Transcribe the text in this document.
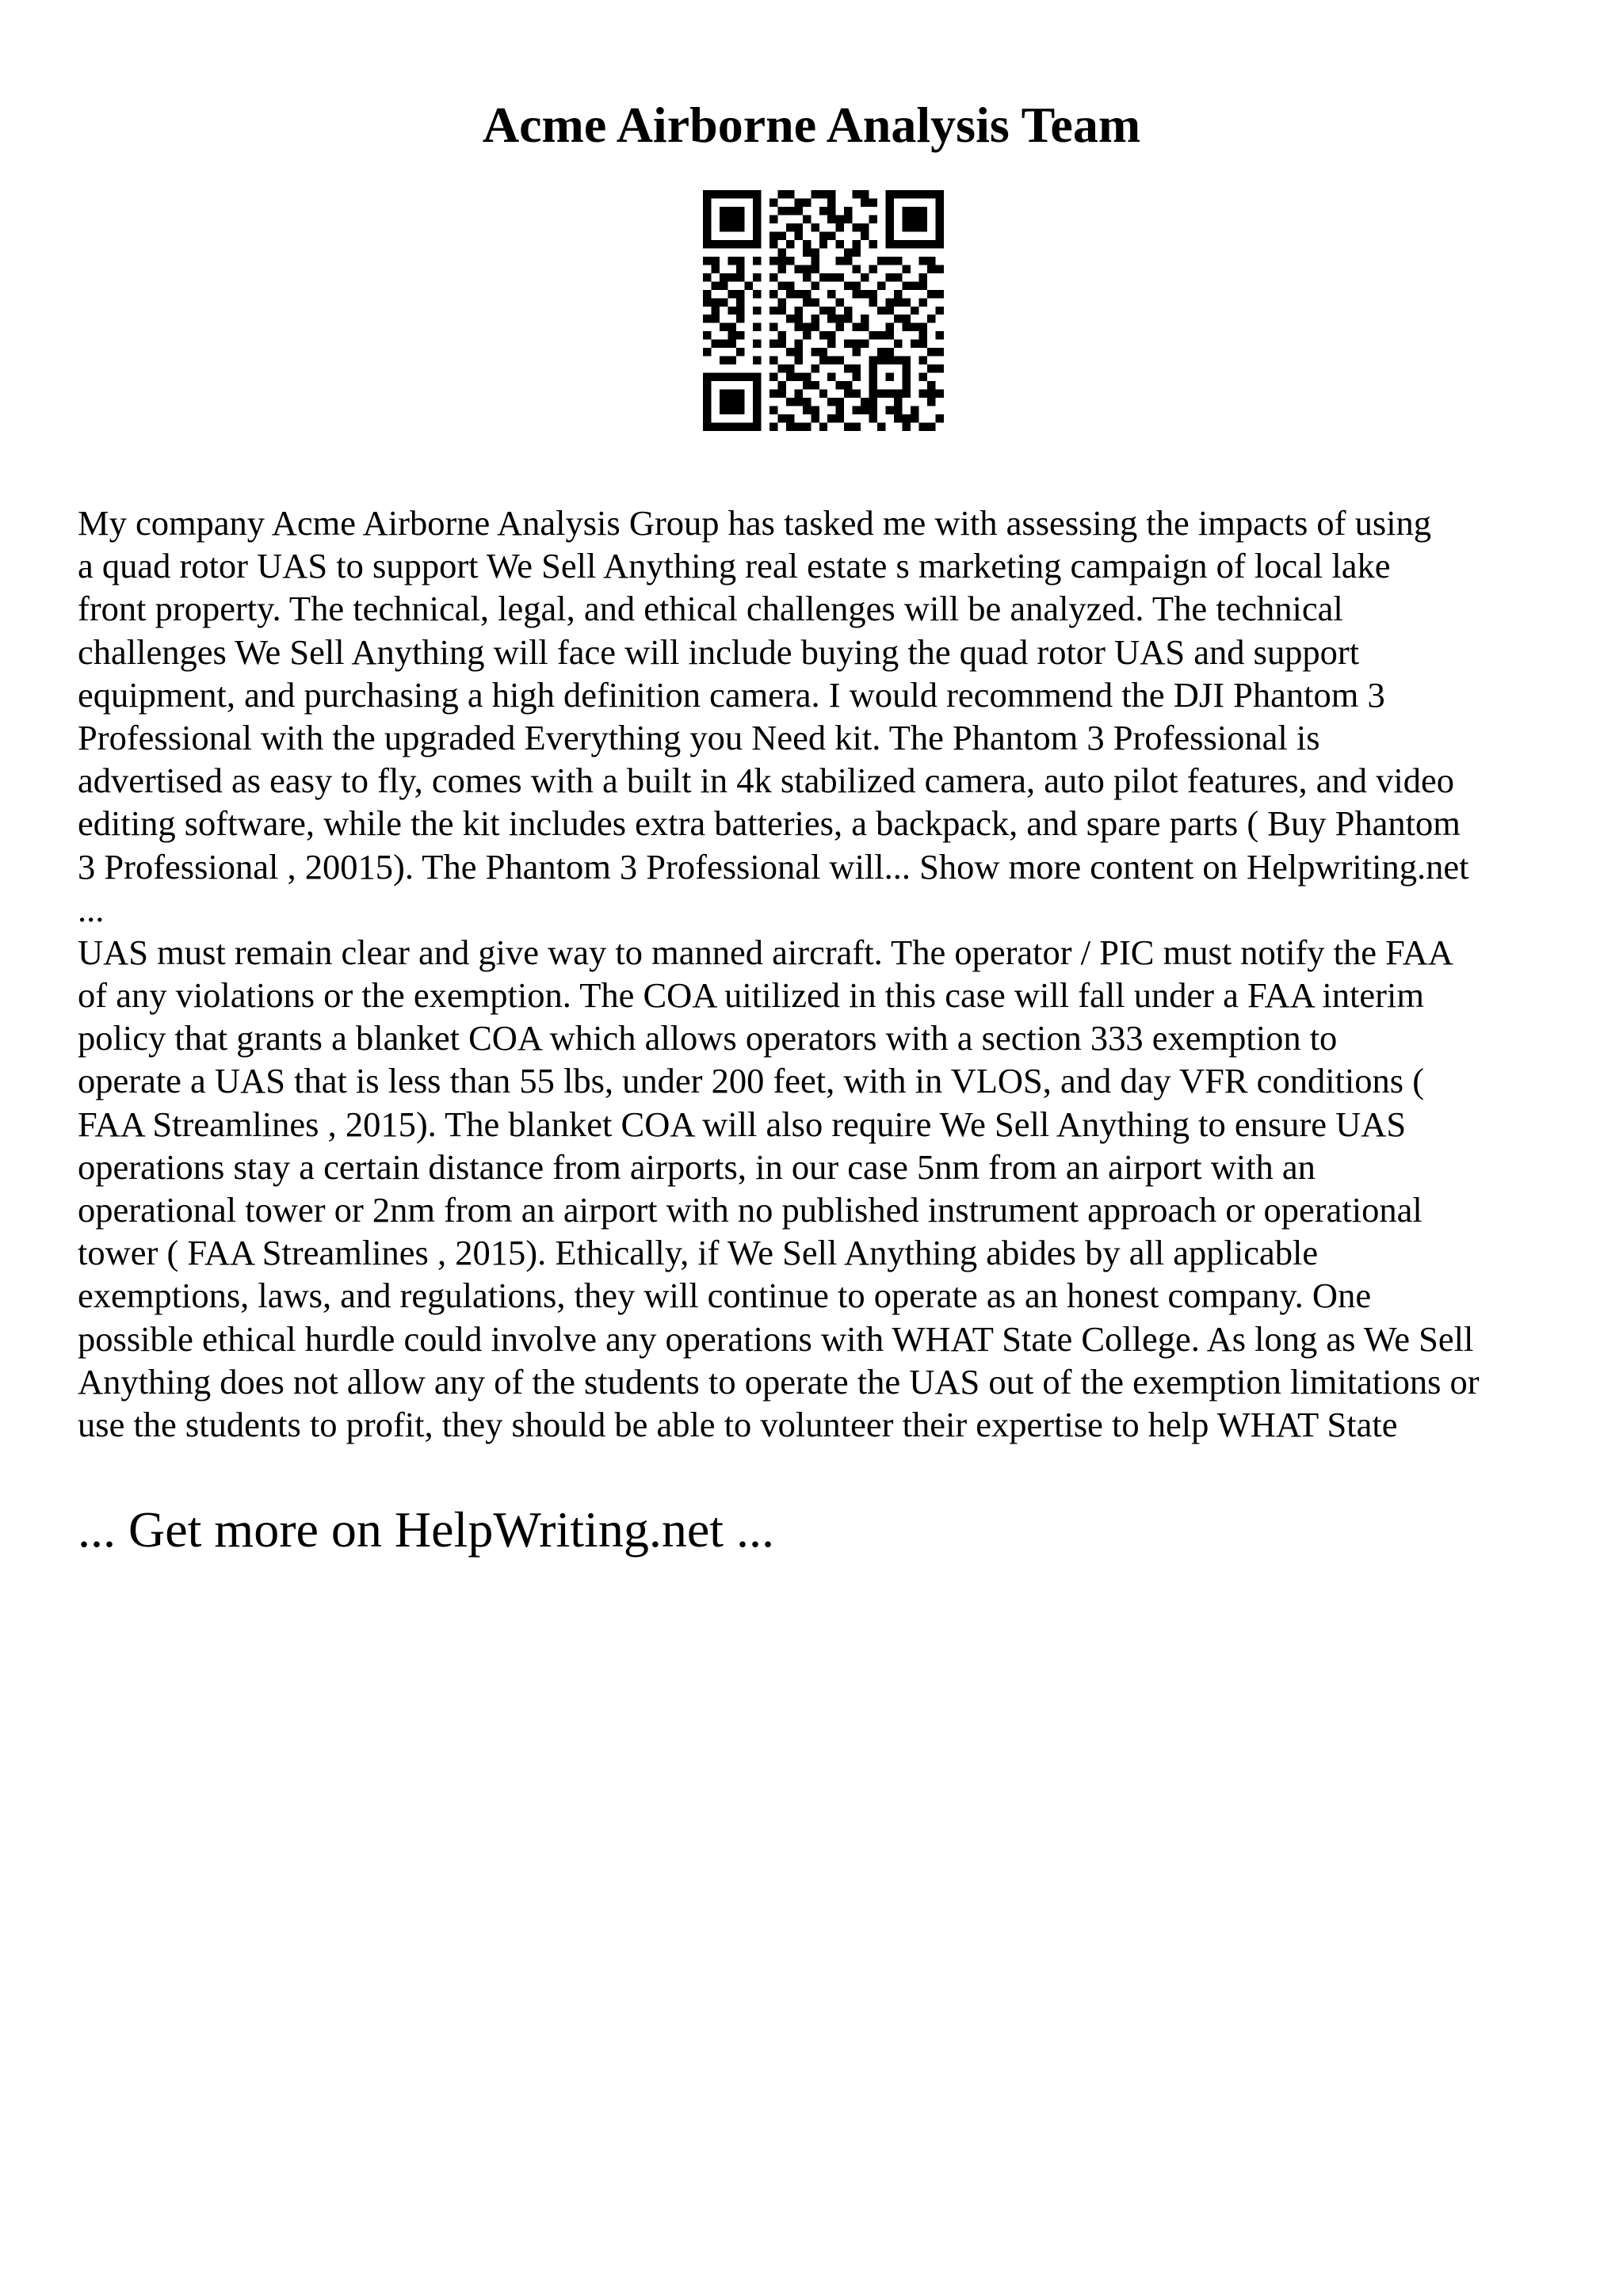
Acme Airborne Analysis Team
My company Acme Airborne Analysis Group has tasked me with assessing the impacts of using
a quad rotor UAS to support We Sell Anything real estate s marketing campaign of local lake
front property. The technical, legal, and ethical challenges will be analyzed. The technical
challenges We Sell Anything will face will include buying the quad rotor UAS and support
equipment, and purchasing a high definition camera. I would recommend the DJI Phantom 3
Professional with the upgraded Everything you Need kit. The Phantom 3 Professional is
advertised as easy to fly, comes with a built in 4k stabilized camera, auto pilot features, and video
editing software, while the kit includes extra batteries, a backpack, and spare parts ( Buy Phantom
3 Professional , 20015). The Phantom 3 Professional will... Show more content on Helpwriting.net
...
UAS must remain clear and give way to manned aircraft. The operator / PIC must notify the FAA
of any violations or the exemption. The COA uitilized in this case will fall under a FAA interim
policy that grants a blanket COA which allows operators with a section 333 exemption to
operate a UAS that is less than 55 lbs, under 200 feet, with in VLOS, and day VFR conditions (
FAA Streamlines , 2015). The blanket COA will also require We Sell Anything to ensure UAS
operations stay a certain distance from airports, in our case 5nm from an airport with an
operational tower or 2nm from an airport with no published instrument approach or operational
tower ( FAA Streamlines , 2015). Ethically, if We Sell Anything abides by all applicable
exemptions, laws, and regulations, they will continue to operate as an honest company. One
possible ethical hurdle could involve any operations with WHAT State College. As long as We Sell
Anything does not allow any of the students to operate the UAS out of the exemption limitations or
use the students to profit, they should be able to volunteer their expertise to help WHAT State
... Get more on HelpWriting.net ...
